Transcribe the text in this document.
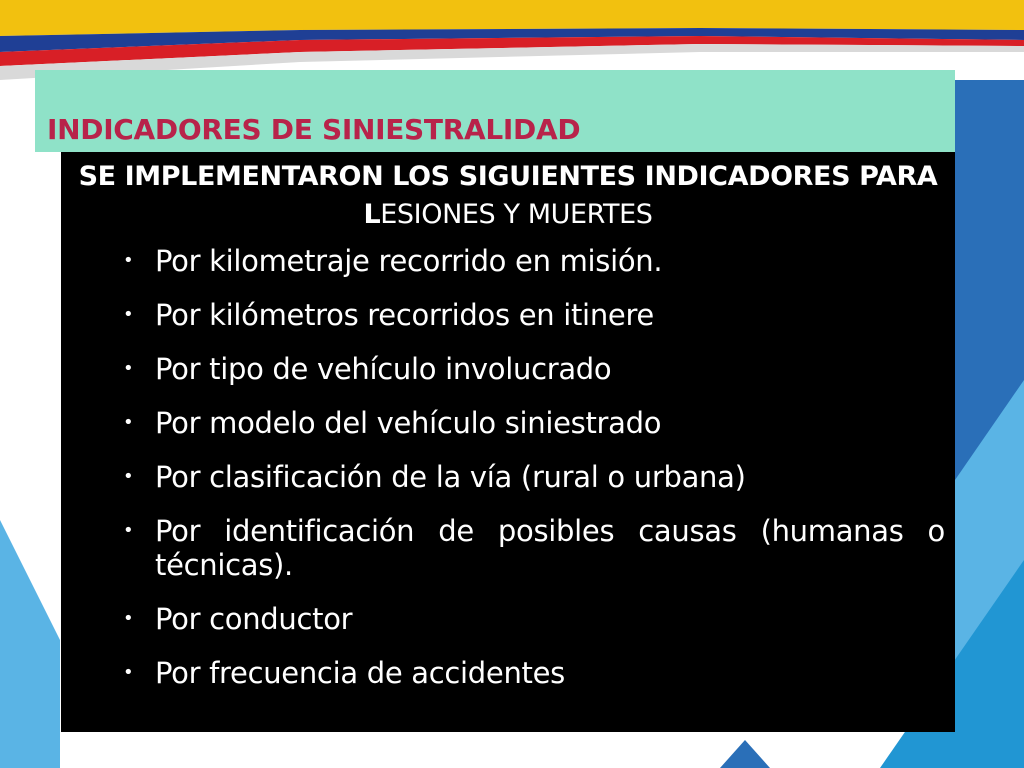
INDICADORES DE SINIESTRALIDAD
SE IMPLEMENTARON LOS SIGUIENTES INDICADORES PARA LESIONES Y MUERTES
• Por kilometraje recorrido en misión.
• Por kilómetros recorridos en itinere
• Por tipo de vehículo involucrado
• Por modelo del vehículo siniestrado
• Por clasificación de la vía (rural o urbana)
• Por identificación de posibles causas (humanas o técnicas).
• Por conductor
• Por frecuencia de accidentes
